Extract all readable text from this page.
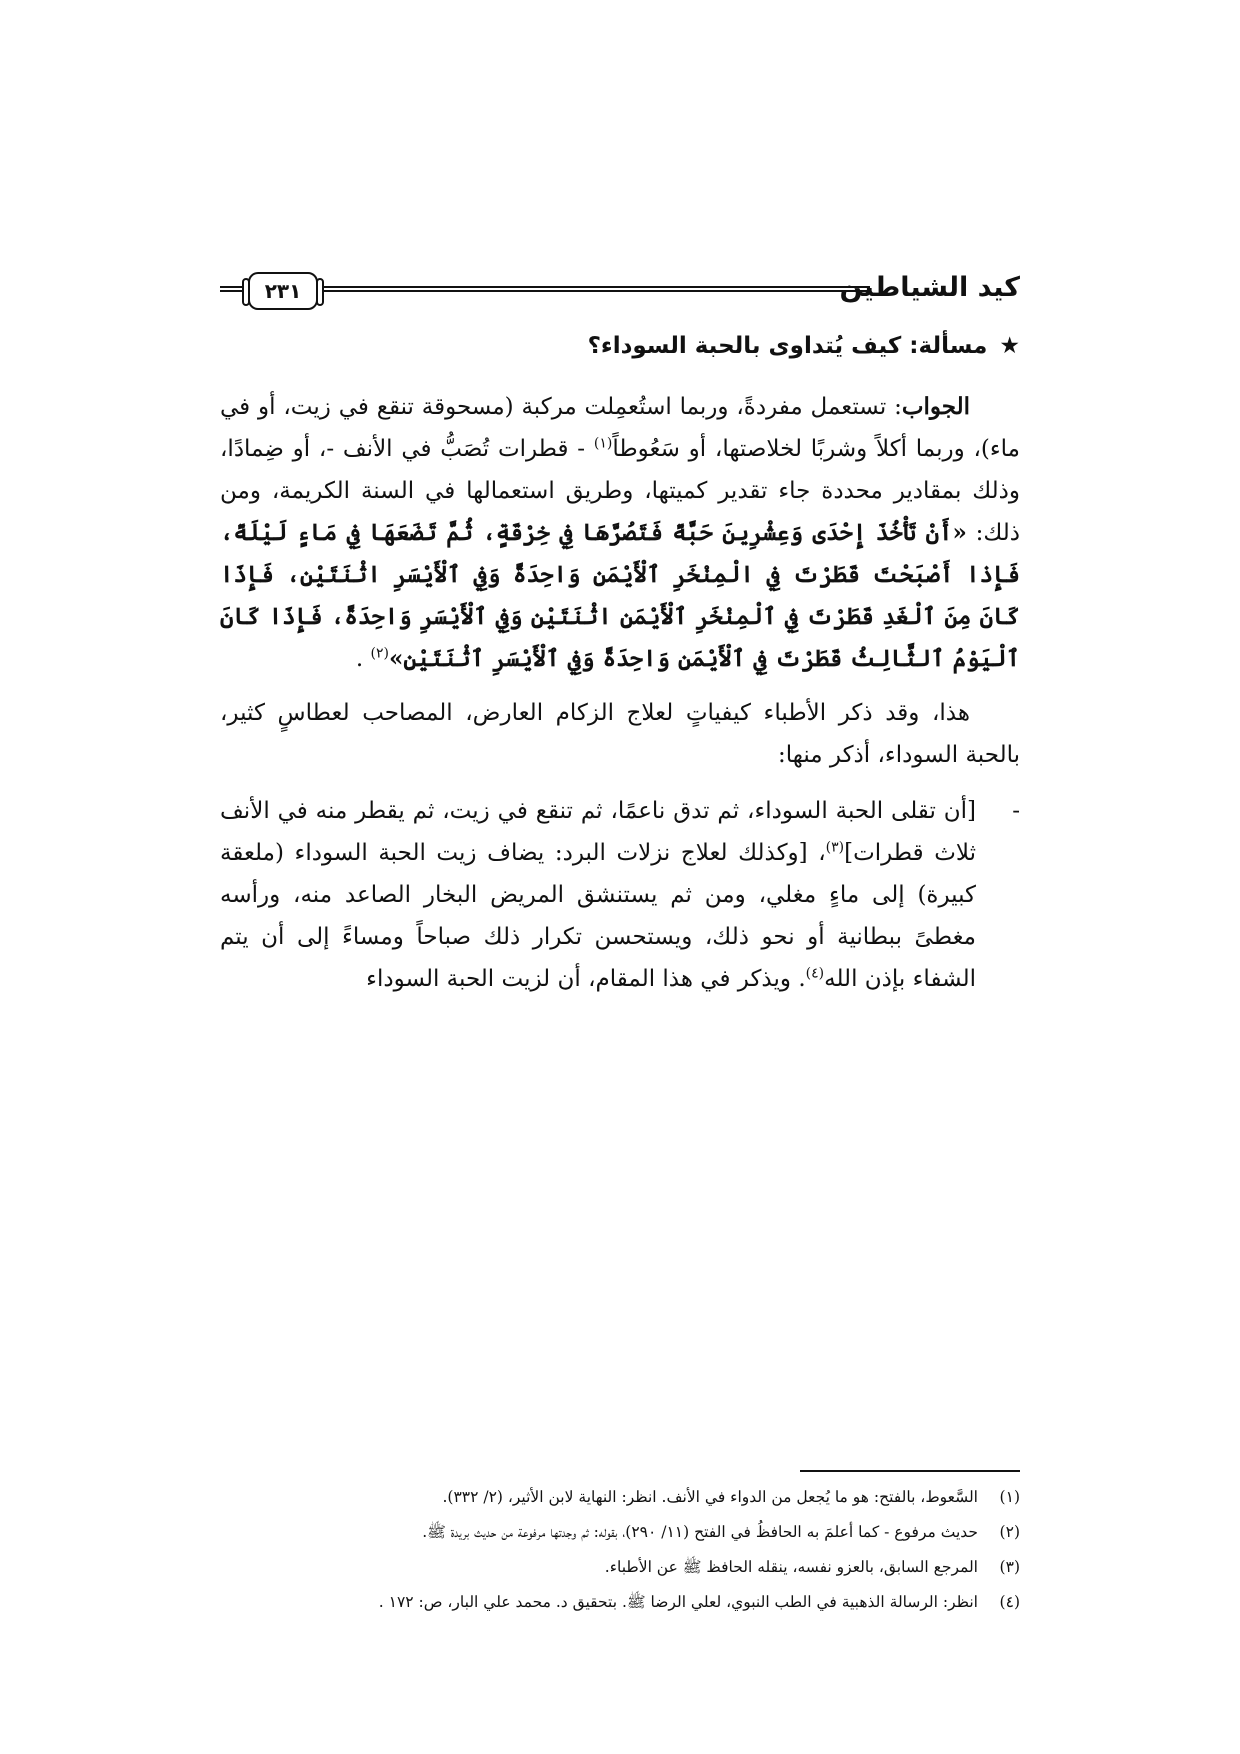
كيد الشياطين
٢٣١

★مسألة: كيف يُتداوى بالحبة السوداء؟

الجواب: تستعمل مفردةً، وربما استُعمِلت مركبة (مسحوقة تنقع في زيت، أو في ماء)، وربما أكلاً وشربًا لخلاصتها، أو سَعُوطاً$^{(١)}$ - قطرات تُصَبُّ في الأنف -، أو ضِمادًا، وذلك بمقادير محددة جاء تقدير كميتها، وطريق استعمالها في السنة الكريمة، ومن ذلك: «أَنْ تَأْخُذَ إِحْدَى وَعِشْرِينَ حَبَّةً فَتَصُرَّهَا فِي خِرْقَةٍ، ثُمَّ تَضَعَهَا فِي مَاءٍ لَيْلَةً، فَإِذا أَصْبَحْتَ قَطَرْتَ فِي الْمِنْخَرِ ٱلْأَيْمَنِ وَاحِدَةً وَفِي ٱلْأَيْسَرِ اثْنَتَيْنِ، فَإِذَا كَانَ مِنَ ٱلْغَدِ قَطَرْتَ فِي ٱلْمِنْخَرِ ٱلْأَيْمَنِ اثْنَتَيْنِ وَفِي ٱلْأَيْسَرِ وَاحِدَةً، فَإِذَا كَانَ ٱلْيَوْمُ ٱلثَّالِثُ قَطَرْتَ فِي ٱلْأَيْمَنِ وَاحِدَةً وَفِي ٱلْأَيْسَرِ ٱثْنَتَيْنِ»$^{(٢)}$ .

هذا، وقد ذكر الأطباء كيفياتٍ لعلاج الزكام العارض، المصاحب لعطاسٍ كثير، بالحبة السوداء، أذكر منها:

-
[أن تقلى الحبة السوداء، ثم تدق ناعمًا، ثم تنقع في زيت، ثم يقطر منه في الأنف ثلاث قطرات]$^{(٣)}$، [وكذلك لعلاج نزلات البرد: يضاف زيت الحبة السوداء (ملعقة كبيرة) إلى ماءٍ مغلي، ومن ثم يستنشق المريض البخار الصاعد منه، ورأسه مغطىً ببطانية أو نحو ذلك، ويستحسن تكرار ذلك صباحاً ومساءً إلى أن يتم الشفاء بإذن الله$^{(٤)}$. ويذكر في هذا المقام، أن لزيت الحبة السوداء

(١)
السَّعوط، بالفتح: هو ما يُجعل من الدواء في الأنف. انظر: النهاية لابن الأثير، (٢/ ٣٣٢).
(٢)
حديث مرفوع - كما أعلمَ به الحافظُ في الفتح (١١/ ٢٩٠)، بقوله: ثم وجدتها مرفوعة من حديث بريدة ﷺ.
(٣)
المرجع السابق، بالعزو نفسه، ينقله الحافظ ﷺ عن الأطباء.
(٤)
انظر: الرسالة الذهبية في الطب النبوي، لعلي الرضا ﷺ. بتحقيق د. محمد علي البار، ص: ١٧٢ .
